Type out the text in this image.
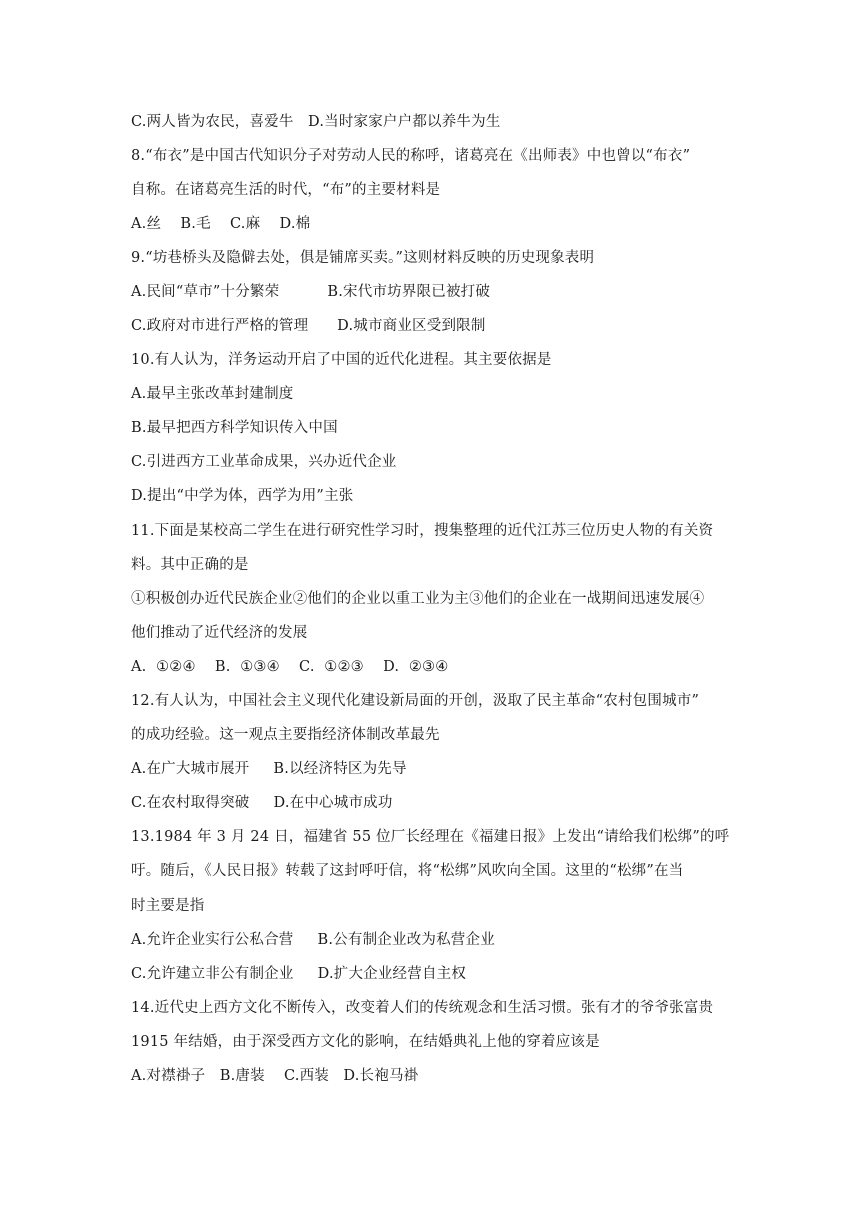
C.两人皆为农民，喜爱牛   D.当时家家户户都以养牛为生
8.“布衣”是中国古代知识分子对劳动人民的称呼，诸葛亮在《出师表》中也曾以“布衣”
自称。在诸葛亮生活的时代，“布”的主要材料是
A.丝    B.毛    C.麻    D.棉
9.“坊巷桥头及隐僻去处，俱是铺席买卖。”这则材料反映的历史现象表明
A.民间“草市”十分繁荣          B.宋代市坊界限已被打破
C.政府对市进行严格的管理      D.城市商业区受到限制
10.有人认为，洋务运动开启了中国的近代化进程。其主要依据是
A.最早主张改革封建制度
B.最早把西方科学知识传入中国
C.引进西方工业革命成果，兴办近代企业
D.提出“中学为体，西学为用”主张
11.下面是某校高二学生在进行研究性学习时，搜集整理的近代江苏三位历史人物的有关资
料。其中正确的是
①积极创办近代民族企业②他们的企业以重工业为主③他们的企业在一战期间迅速发展④
他们推动了近代经济的发展
A.  ①②④    B.  ①③④    C.  ①②③    D.  ②③④
12.有人认为，中国社会主义现代化建设新局面的开创，汲取了民主革命“农村包围城市”
的成功经验。这一观点主要指经济体制改革最先
A.在广大城市展开     B.以经济特区为先导
C.在农村取得突破     D.在中心城市成功
13.1984 年 3 月 24 日，福建省 55 位厂长经理在《福建日报》上发出“请给我们松绑”的呼
吁。随后，《人民日报》转载了这封呼吁信，将“松绑”风吹向全国。这里的“松绑”在当
时主要是指
A.允许企业实行公私合营     B.公有制企业改为私营企业
C.允许建立非公有制企业     D.扩大企业经营自主权
14.近代史上西方文化不断传入，改变着人们的传统观念和生活习惯。张有才的爷爷张富贵
1915 年结婚，由于深受西方文化的影响，在结婚典礼上他的穿着应该是
A.对襟褂子   B.唐装    C.西装   D.长袍马褂
